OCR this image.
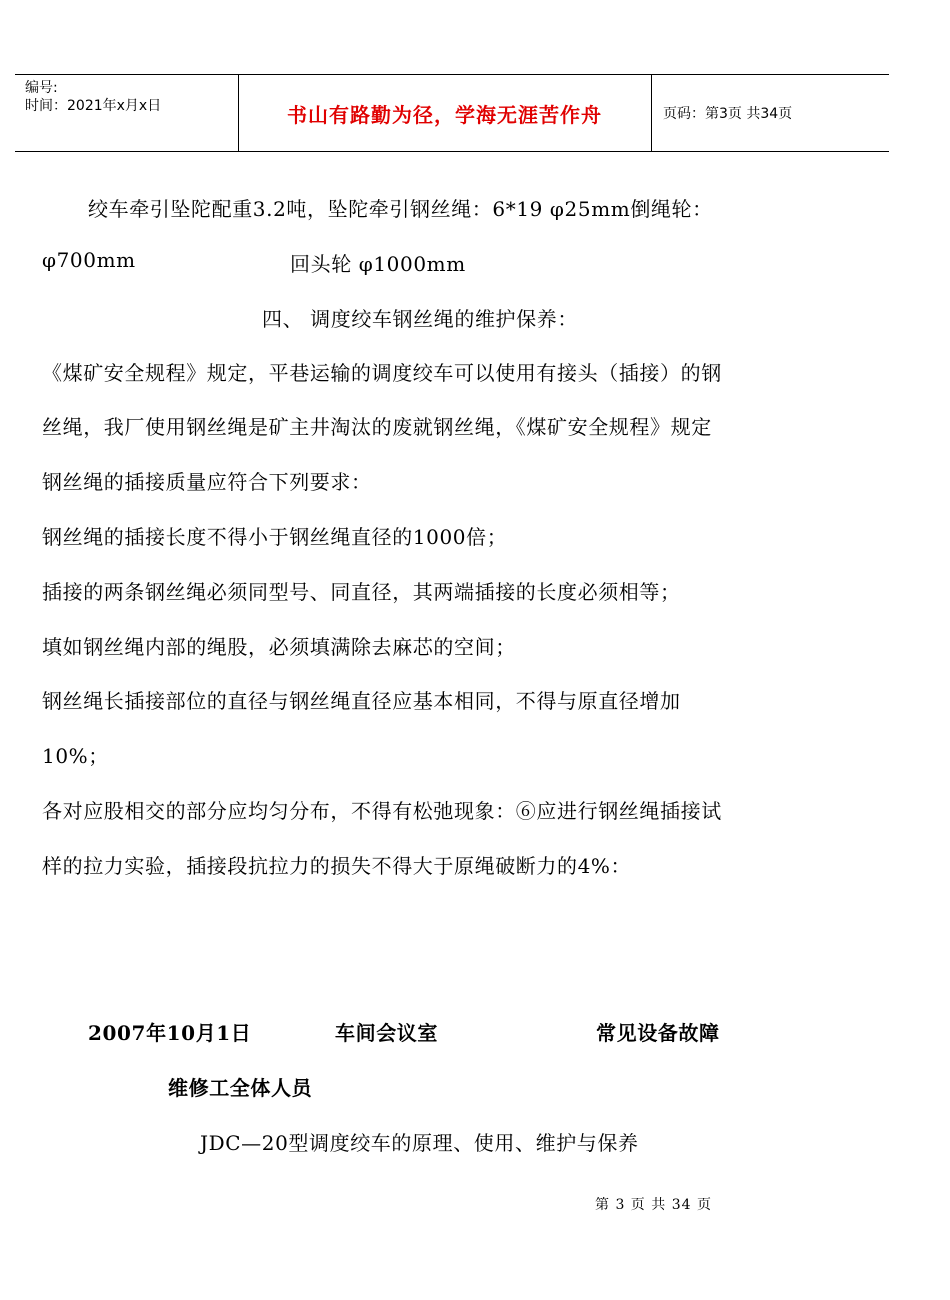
编号:
时间：2021年x月x日	书山有路勤为径，学海无涯苦作舟	页码：第3页 共34页
绞车牵引坠陀配重3.2吨，坠陀牵引钢丝绳：6*19 φ25mm倒绳轮：
φ700mm	回头轮 φ1000mm
四、 调度绞车钢丝绳的维护保养：
《煤矿安全规程》规定，平巷运输的调度绞车可以使用有接头（插接）的钢
丝绳，我厂使用钢丝绳是矿主井淘汰的废就钢丝绳，《煤矿安全规程》规定
钢丝绳的插接质量应符合下列要求：
钢丝绳的插接长度不得小于钢丝绳直径的1000倍；
插接的两条钢丝绳必须同型号、同直径，其两端插接的长度必须相等；
填如钢丝绳内部的绳股，必须填满除去麻芯的空间；
钢丝绳长插接部位的直径与钢丝绳直径应基本相同，不得与原直径增加
10%；
各对应股相交的部分应均匀分布，不得有松弛现象：⑥应进行钢丝绳插接试
样的拉力实验，插接段抗拉力的损失不得大于原绳破断力的4%：
2007年10月1日	车间会议室	常见设备故障
维修工全体人员
JDC—20型调度绞车的原理、使用、维护与保养
第 3 页 共 34 页
